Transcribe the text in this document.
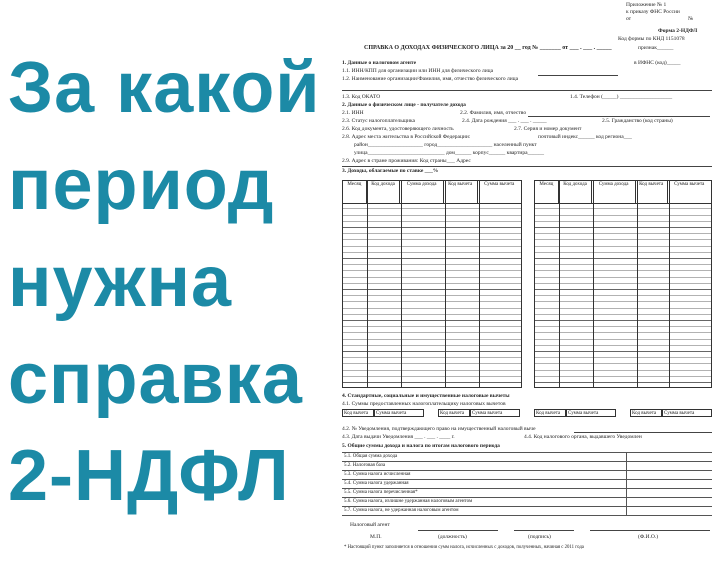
За какой
период
нужна
справка
2-НДФЛ
Приложение № 1
к приказу ФНС России
от	№
Форма 2-НДФЛ
Код формы по КНД 1151078
СПРАВКА О ДОХОДАХ ФИЗИЧЕСКОГО ЛИЦА за 20 __ год № _______ от ___ . ___ . _____	признак______
1. Данные о налоговом агенте	в ИФНС (код)_____
1.1. ИНН/КПП для организации или ИНН для физического лица
1.2. Наименование организации/Фамилия, имя, отчество физического лица
1.3. Код ОКАТО	1.4. Телефон (_____) ___________________
2. Данные о физическом лице - получателе дохода
2.1. ИНН	2.2. Фамилия, имя, отчество
2.3. Статус налогоплательщика	2.4. Дата рождения ___ . ___ . _____	2.5. Гражданство (код страны)
2.6. Код документа, удостоверяющего личность	2.7. Серия и номер документ
2.8. Адрес места жительства в Российской Федерации:	почтовый индекс______ код региона___
район____________________ город____________________ населенный пункт
улица____________________________ дом______ корпус______ квартира______
2.9. Адрес в стране проживания: Код страны___ Адрес
3. Доходы, облагаемые по ставке ___%
Месяц	Код дохода	Сумма дохода	Код вычета	Сумма вычета	Месяц	Код дохода	Сумма дохода	Код вычета	Сумма вычета
4. Стандартные, социальные и имущественные налоговые вычеты
4.1. Суммы предоставленных налогоплательщику налоговых вычетов
Код вычета	Сумма вычета	Код вычета	Сумма вычета	Код вычета	Сумма вычета	Код вычета	Сумма вычета
4.2. № Уведомления, подтверждающего право на имущественный налоговый выче
4.3. Дата выдачи Уведомления ___ . ___ . ____ г.	4.4. Код налогового органа, выдавшего Уведомлен
5. Общие суммы дохода и налога по итогам налогового периода
5.1. Общая сумма дохода
5.2. Налоговая база
5.3. Сумма налога исчисленная
5.4. Сумма налога удержанная
5.5. Сумма налога перечисленная*
5.6. Сумма налога, излишне удержанная налоговым агентом
5.7. Сумма налога, не удержанная налоговым агентом
Налоговый агент
М.П.	(должность)	(подпись)	(Ф.И.О.)
* Настоящий пункт заполняется в отношении сумм налога, исчисленных с доходов, полученных, начиная с 2011 года
